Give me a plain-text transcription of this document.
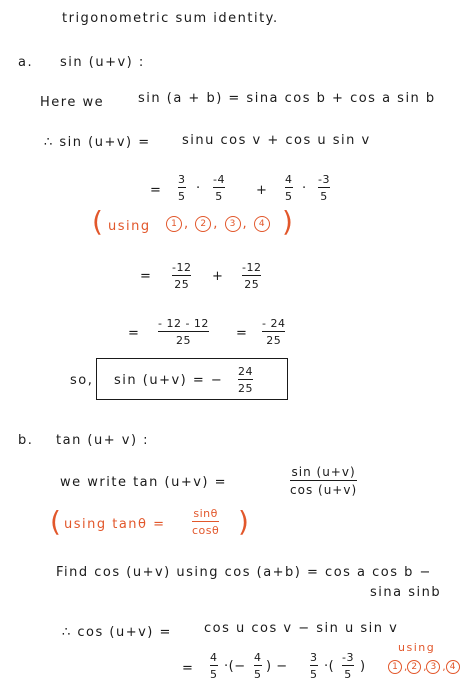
trigonometric sum identity.
a. sin (u+v) :
Here we	sin (a + b) = sina cos b + cos a sin b
∴ sin (u+v) = sinu cos v + cos u sin v
=
3
5
·
-4
5	+
4
5
·
-3
5
( using	1 , 2 , 3 , 4 )
=
-12
25
+
-12
25
=
- 12 - 12
25	=
- 24
25
so, sin (u+v) = −
24
25
b. tan (u+ v) :
we write tan (u+v) =
sin (u+v)
cos (u+v)
( using tanθ =
sinθ
cosθ )
Find cos (u+v) using cos (a+b) = cos a cos b −
sina sinb
∴ cos (u+v) = cos u cos v − sin u sin v
=
4
5
·(−
4
5
) −
3
5
·(
-3
5
)
using
1 , 2 , 3 , 4
